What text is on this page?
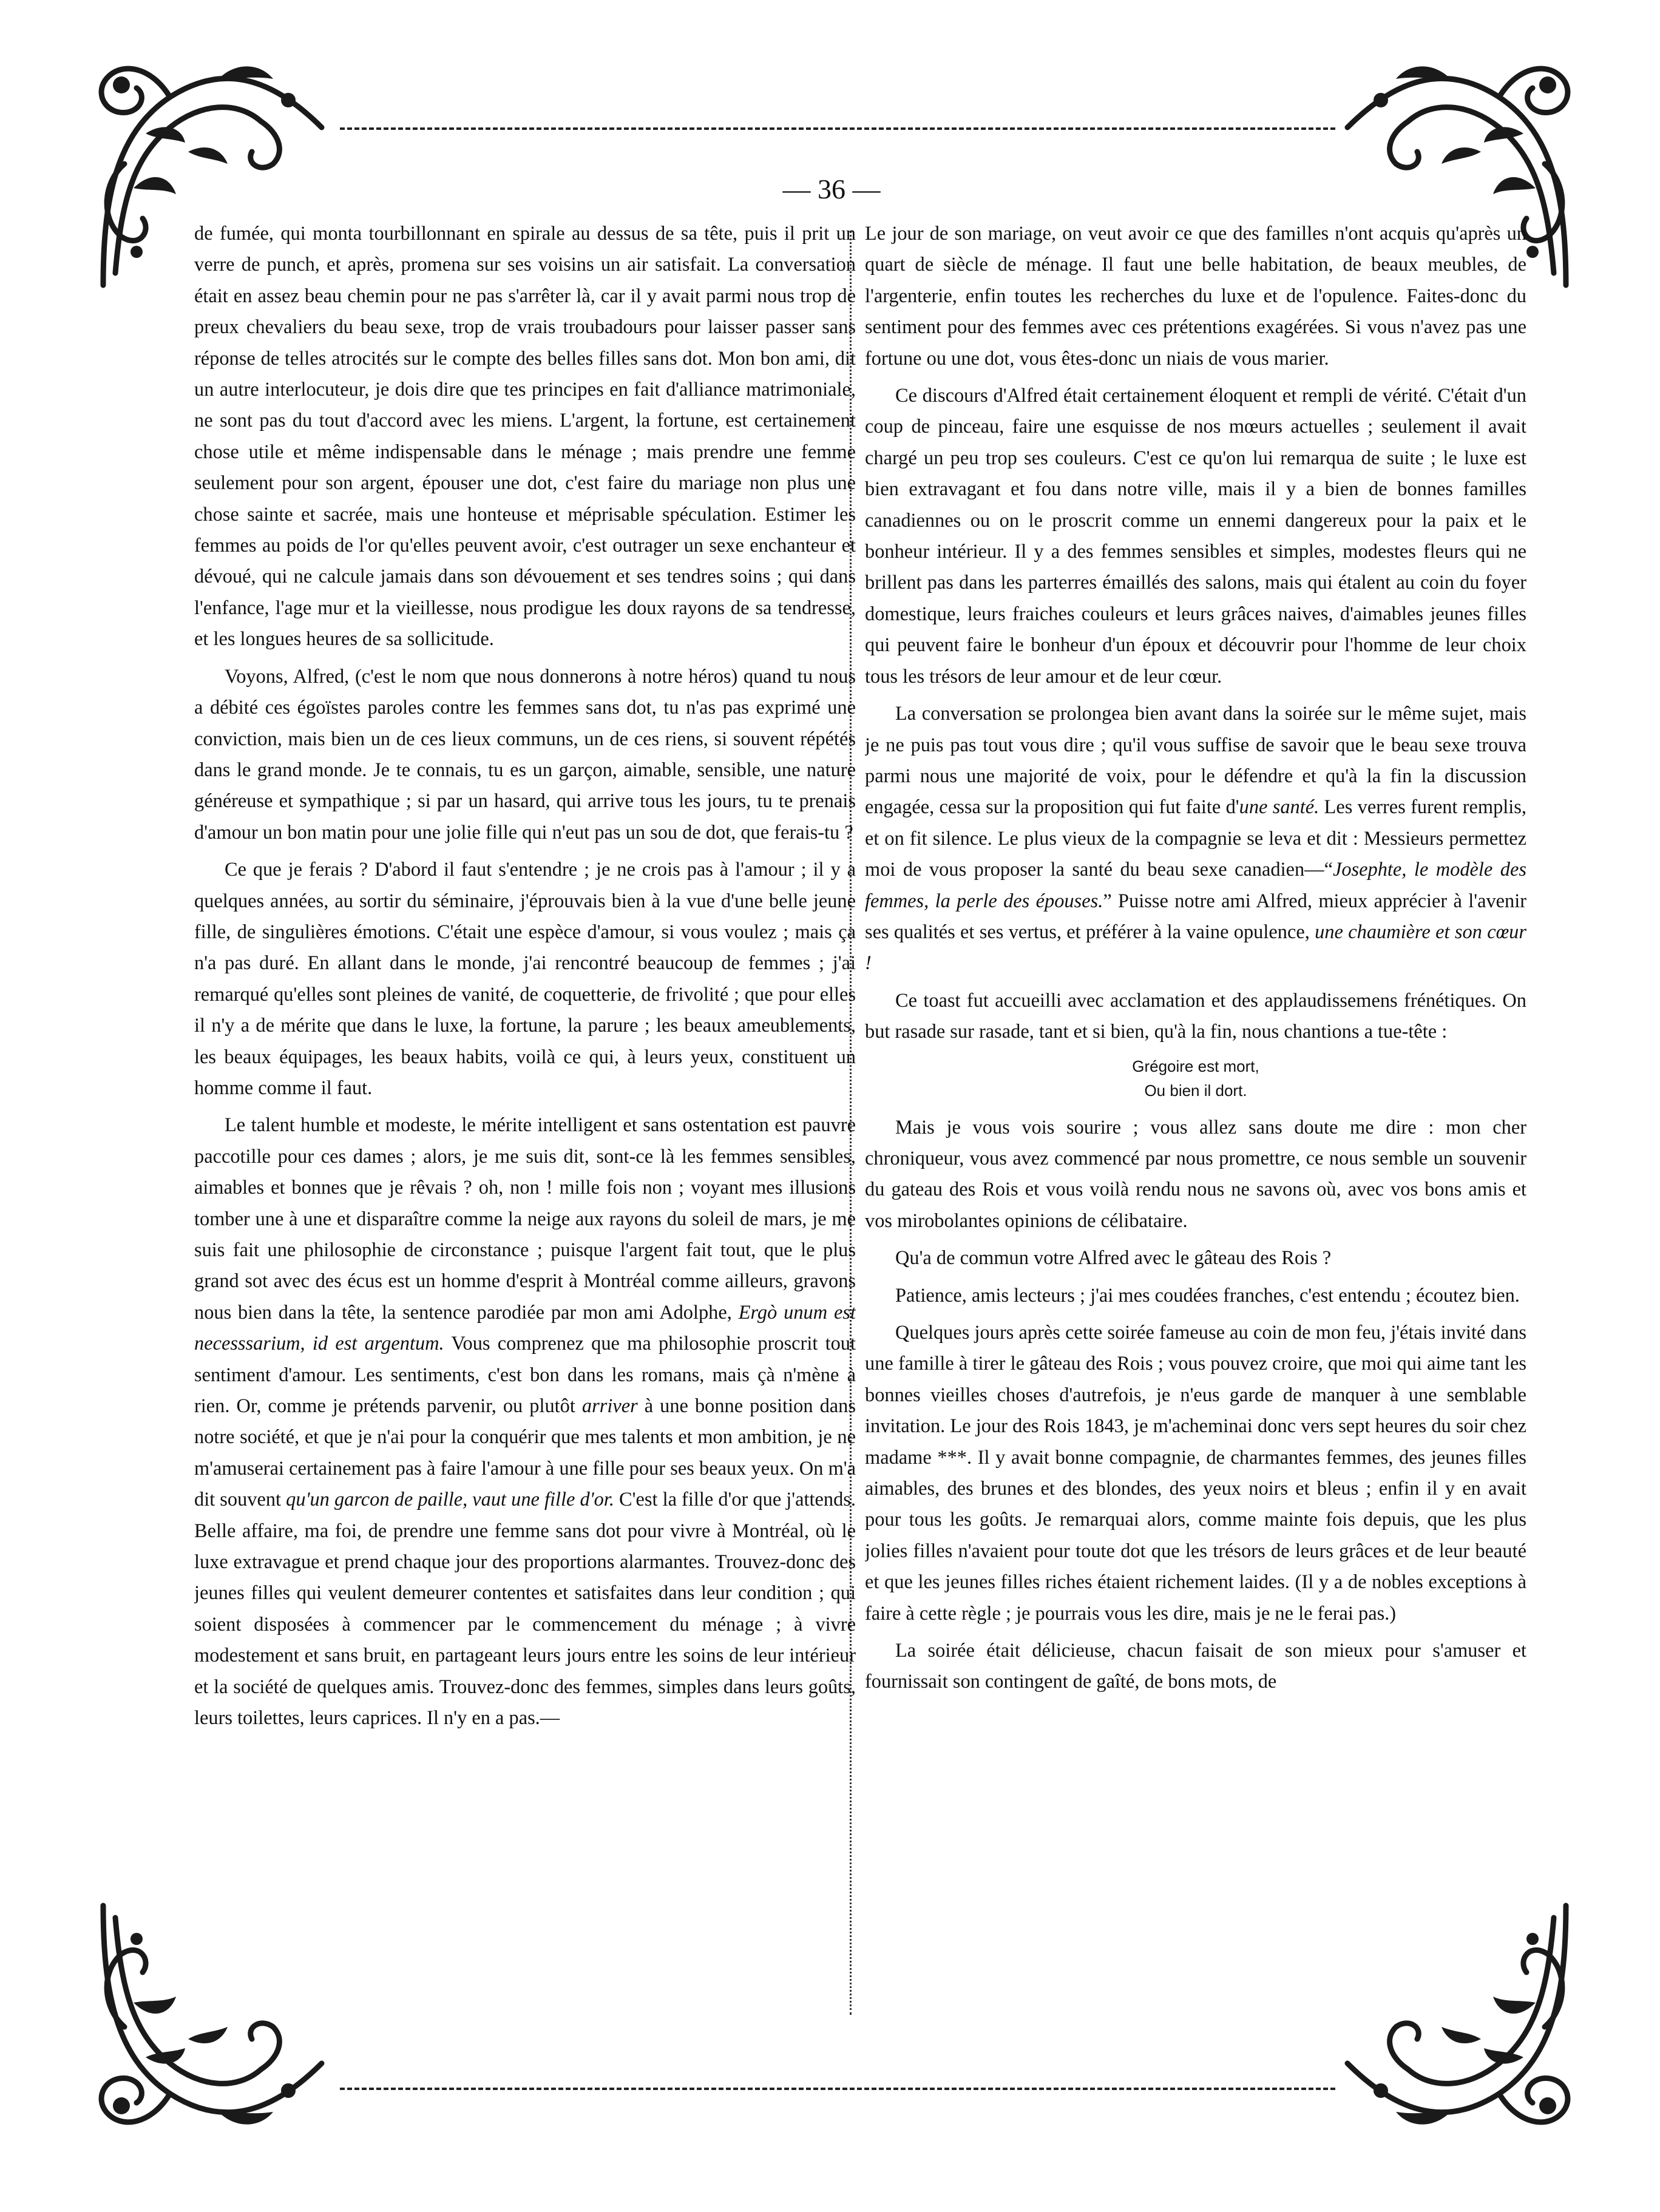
— 36 —

de fumée, qui monta tourbillonnant en spirale au dessus de sa tête, puis il prit un verre de punch, et après, promena sur ses voisins un air satisfait. La conversation était en assez beau chemin pour ne pas s'arrêter là, car il y avait parmi nous trop de preux chevaliers du beau sexe, trop de vrais troubadours pour laisser passer sans réponse de telles atrocités sur le compte des belles filles sans dot. Mon bon ami, dit un autre interlocuteur, je dois dire que tes principes en fait d'alliance matrimoniale, ne sont pas du tout d'accord avec les miens. L'argent, la fortune, est certainement chose utile et même indispensable dans le ménage ; mais prendre une femme seulement pour son argent, épouser une dot, c'est faire du mariage non plus une chose sainte et sacrée, mais une honteuse et méprisable spéculation. Estimer les femmes au poids de l'or qu'elles peuvent avoir, c'est outrager un sexe enchanteur et dévoué, qui ne calcule jamais dans son dévouement et ses tendres soins ; qui dans l'enfance, l'age mur et la vieillesse, nous prodigue les doux rayons de sa tendresse, et les longues heures de sa sollicitude.

Voyons, Alfred, (c'est le nom que nous donnerons à notre héros) quand tu nous a débité ces égoïstes paroles contre les femmes sans dot, tu n'as pas exprimé une conviction, mais bien un de ces lieux communs, un de ces riens, si souvent répétés dans le grand monde. Je te connais, tu es un garçon, aimable, sensible, une nature généreuse et sympathique ; si par un hasard, qui arrive tous les jours, tu te prenais d'amour un bon matin pour une jolie fille qui n'eut pas un sou de dot, que ferais-tu ?

Ce que je ferais ? D'abord il faut s'entendre ; je ne crois pas à l'amour ; il y a quelques années, au sortir du séminaire, j'éprouvais bien à la vue d'une belle jeune fille, de singulières émotions. C'était une espèce d'amour, si vous voulez ; mais ça n'a pas duré. En allant dans le monde, j'ai rencontré beaucoup de femmes ; j'ai remarqué qu'elles sont pleines de vanité, de coquetterie, de frivolité ; que pour elles il n'y a de mérite que dans le luxe, la fortune, la parure ; les beaux ameublements, les beaux équipages, les beaux habits, voilà ce qui, à leurs yeux, constituent un homme comme il faut.

Le talent humble et modeste, le mérite intelligent et sans ostentation est pauvre paccotille pour ces dames ; alors, je me suis dit, sont-ce là les femmes sensibles, aimables et bonnes que je rêvais ? oh, non ! mille fois non ; voyant mes illusions tomber une à une et disparaître comme la neige aux rayons du soleil de mars, je me suis fait une philosophie de circonstance ; puisque l'argent fait tout, que le plus grand sot avec des écus est un homme d'esprit à Montréal comme ailleurs, gravons nous bien dans la tête, la sentence parodiée par mon ami Adolphe, Ergò unum est necesssarium, id est argentum. Vous comprenez que ma philosophie proscrit tout sentiment d'amour. Les sentiments, c'est bon dans les romans, mais çà n'mène à rien. Or, comme je prétends parvenir, ou plutôt arriver à une bonne position dans notre société, et que je n'ai pour la conquérir que mes talents et mon ambition, je ne m'amuserai certainement pas à faire l'amour à une fille pour ses beaux yeux. On m'a dit souvent qu'un garcon de paille, vaut une fille d'or. C'est la fille d'or que j'attends. Belle affaire, ma foi, de prendre une femme sans dot pour vivre à Montréal, où le luxe extravague et prend chaque jour des proportions alarmantes. Trouvez-donc des jeunes filles qui veulent demeurer contentes et satisfaites dans leur condition ; qui soient disposées à commencer par le commencement du ménage ; à vivre modestement et sans bruit, en partageant leurs jours entre les soins de leur intérieur et la société de quelques amis. Trouvez-donc des femmes, simples dans leurs goûts, leurs toilettes, leurs caprices. Il n'y en a pas.—

Le jour de son mariage, on veut avoir ce que des familles n'ont acquis qu'après un quart de siècle de ménage. Il faut une belle habitation, de beaux meubles, de l'argenterie, enfin toutes les recherches du luxe et de l'opulence. Faites-donc du sentiment pour des femmes avec ces prétentions exagérées. Si vous n'avez pas une fortune ou une dot, vous êtes-donc un niais de vous marier.

Ce discours d'Alfred était certainement éloquent et rempli de vérité. C'était d'un coup de pinceau, faire une esquisse de nos mœurs actuelles ; seulement il avait chargé un peu trop ses couleurs. C'est ce qu'on lui remarqua de suite ; le luxe est bien extravagant et fou dans notre ville, mais il y a bien de bonnes familles canadiennes ou on le proscrit comme un ennemi dangereux pour la paix et le bonheur intérieur. Il y a des femmes sensibles et simples, modestes fleurs qui ne brillent pas dans les parterres émaillés des salons, mais qui étalent au coin du foyer domestique, leurs fraiches couleurs et leurs grâces naives, d'aimables jeunes filles qui peuvent faire le bonheur d'un époux et découvrir pour l'homme de leur choix tous les trésors de leur amour et de leur cœur.

La conversation se prolongea bien avant dans la soirée sur le même sujet, mais je ne puis pas tout vous dire ; qu'il vous suffise de savoir que le beau sexe trouva parmi nous une majorité de voix, pour le défendre et qu'à la fin la discussion engagée, cessa sur la proposition qui fut faite d'une santé. Les verres furent remplis, et on fit silence. Le plus vieux de la compagnie se leva et dit : Messieurs permettez moi de vous proposer la santé du beau sexe canadien—“Josephte, le modèle des femmes, la perle des épouses.” Puisse notre ami Alfred, mieux apprécier à l'avenir ses qualités et ses vertus, et préférer à la vaine opulence, une chaumière et son cœur !

Ce toast fut accueilli avec acclamation et des applaudissemens frénétiques. On but rasade sur rasade, tant et si bien, qu'à la fin, nous chantions a tue-tête :

Grégoire est mort,
Ou bien il dort.

Mais je vous vois sourire ; vous allez sans doute me dire : mon cher chroniqueur, vous avez commencé par nous promettre, ce nous semble un souvenir du gateau des Rois et vous voilà rendu nous ne savons où, avec vos bons amis et vos mirobolantes opinions de célibataire.

Qu'a de commun votre Alfred avec le gâteau des Rois ?

Patience, amis lecteurs ; j'ai mes coudées franches, c'est entendu ; écoutez bien.

Quelques jours après cette soirée fameuse au coin de mon feu, j'étais invité dans une famille à tirer le gâteau des Rois ; vous pouvez croire, que moi qui aime tant les bonnes vieilles choses d'autrefois, je n'eus garde de manquer à une semblable invitation. Le jour des Rois 1843, je m'acheminai donc vers sept heures du soir chez madame ***. Il y avait bonne compagnie, de charmantes femmes, des jeunes filles aimables, des brunes et des blondes, des yeux noirs et bleus ; enfin il y en avait pour tous les goûts. Je remarquai alors, comme mainte fois depuis, que les plus jolies filles n'avaient pour toute dot que les trésors de leurs grâces et de leur beauté et que les jeunes filles riches étaient richement laides. (Il y a de nobles exceptions à faire à cette règle ; je pourrais vous les dire, mais je ne le ferai pas.)

La soirée était délicieuse, chacun faisait de son mieux pour s'amuser et fournissait son contingent de gaîté, de bons mots, de
